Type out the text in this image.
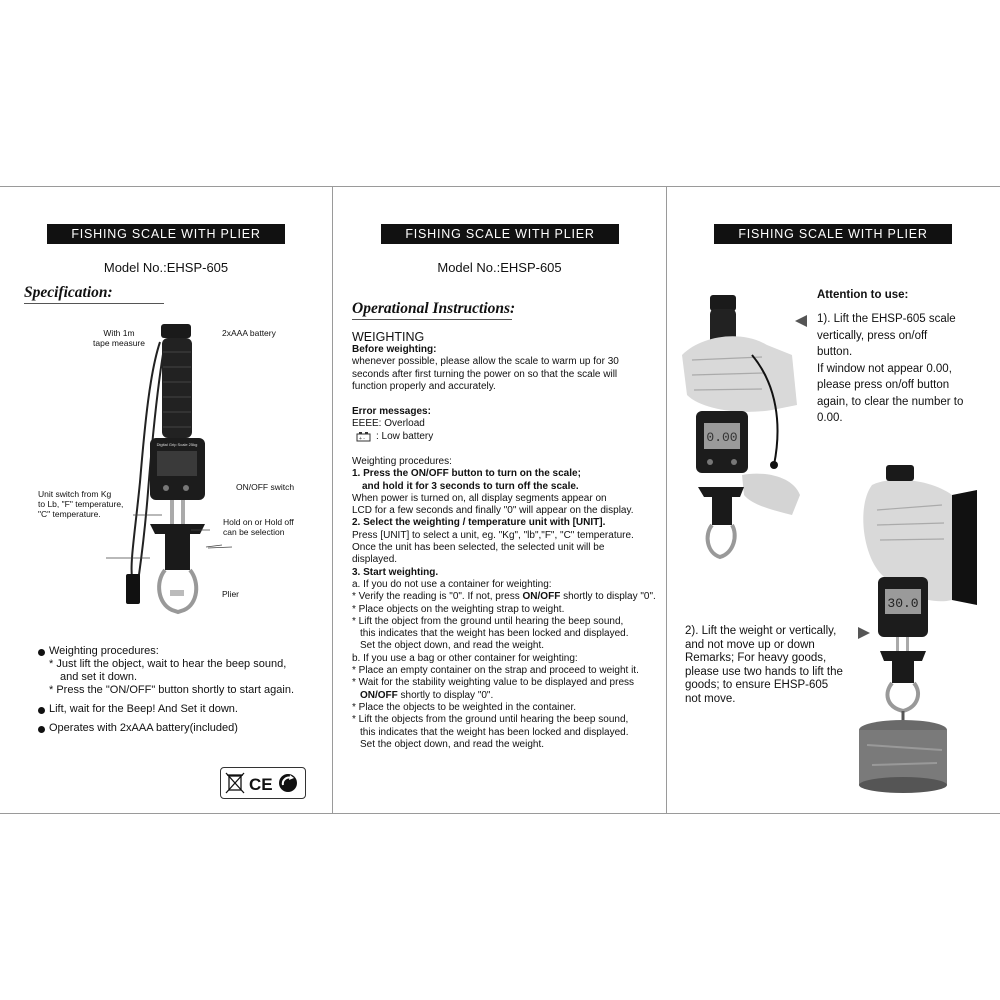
FISHING SCALE WITH PLIER
Model No.:EHSP-605
Specification:
Digital Grip Scale 25kg
With 1m
tape measure
2xAAA battery
ON/OFF switch
Unit switch from Kg
to Lb, "F" temperature,
"C" temperature.
Hold on or Hold off
can be selection
Plier
Weighting procedures:
* Just lift the object, wait to hear the beep sound,
and set it down.
* Press the "ON/OFF" button shortly to start again.
Lift, wait for the Beep! And Set it down.
Operates with 2xAAA battery(included)
CE
FISHING SCALE WITH PLIER
Model No.:EHSP-605
Operational Instructions:
WEIGHTING
Before weighting:
whenever possible, please allow the scale to warm up for 30
seconds after first turning the power on so that the scale will
function properly and accurately.
Error messages:
EEEE: Overload
+ - : Low battery
Weighting procedures:
1. Press the ON/OFF button to turn on the scale;
and hold it for 3 seconds to turn off the scale.
When power is turned on, all display segments appear on
LCD for a few seconds and finally "0" will appear on the display.
2. Select the weighting / temperature unit with [UNIT].
Press [UNIT] to select a unit, eg. "Kg", "lb","F", "C" temperature.
Once the unit has been selected, the selected unit will be
displayed.
3. Start weighting.
a. If you do not use a container for weighting:
* Verify the reading is "0". If not, press ON/OFF shortly to display "0".
* Place objects on the weighting strap to weight.
* Lift the object from the ground until hearing the beep sound,
this indicates that the weight has been locked and displayed.
Set the object down, and read the weight.
b. If you use a bag or other container for weighting:
* Place an empty container on the strap and proceed to weight it.
* Wait for the stability weighting value to be displayed and press
ON/OFF shortly to display "0".
* Place the objects to be weighted in the container.
* Lift the objects from the ground until hearing the beep sound,
this indicates that the weight has been locked and displayed.
Set the object down, and read the weight.
FISHING SCALE WITH PLIER
0.00
30.0
Attention to use:
1). Lift the EHSP-605 scale
vertically, press on/off
button.
If window not appear 0.00,
please press on/off button
again, to clear the number to
0.00.
2). Lift the weight or vertically,
and not move up or down
Remarks; For heavy goods,
please use two hands to lift the
goods; to ensure EHSP-605
not move.
